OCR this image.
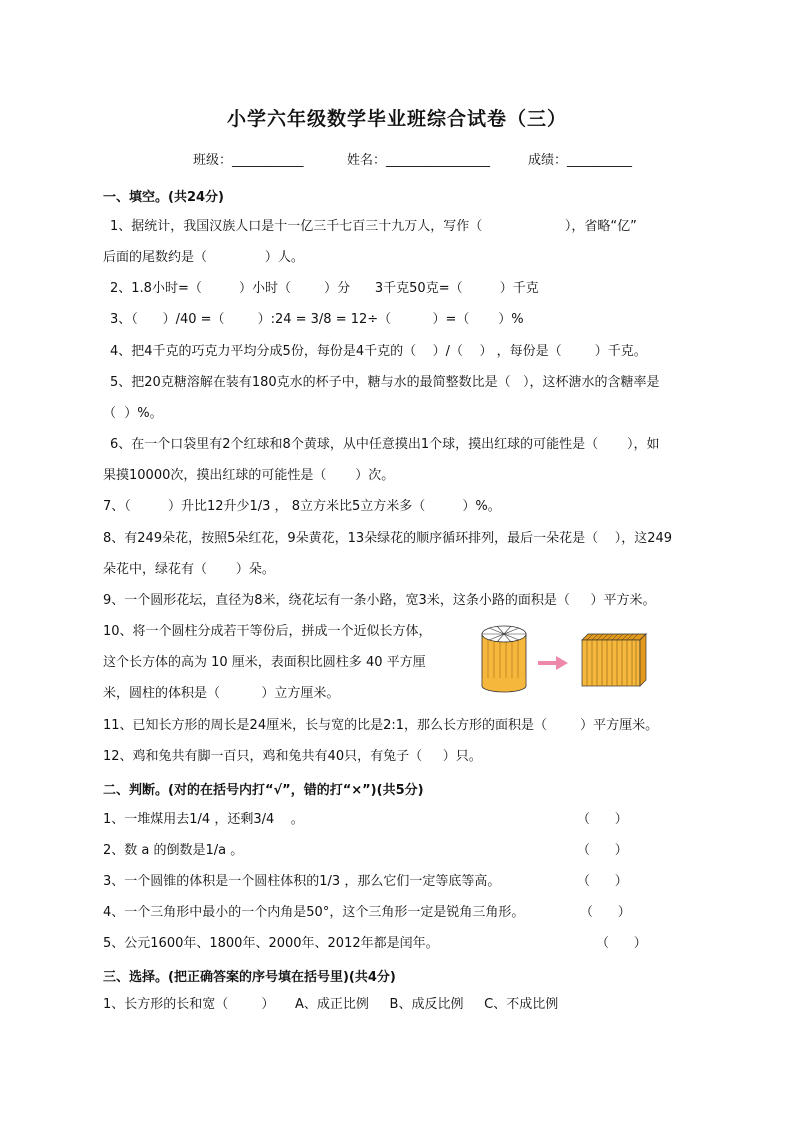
小学六年级数学毕业班综合试卷（三）
班级：___________	姓名：________________	成绩：__________
一、填空。(共24分)
1、据统计，我国汉族人口是十一亿三千七百三十九万人，写作（                    ），省略“亿”
后面的尾数约是（              ）人。
2、1.8小时=（         ）小时（        ）分      3千克50克=（         ）千克
3、（      ）/40 =（        ）:24 = 3/8 = 12÷（          ）=（       ）%
4、把4千克的巧克力平均分成5份，每份是4千克的（    ）/（    ） ，每份是（        ）千克。
5、把20克糖溶解在装有180克水的杯子中，糖与水的最简整数比是（   ），这杯溏水的含糖率是
（  ）%。
6、在一个口袋里有2个红球和8个黄球，从中任意摸出1个球，摸出红球的可能性是（       ），如
果摸10000次，摸出红球的可能性是（       ）次。
7、（         ）升比12升少1/3 ， 8立方米比5立方米多（         ）%。
8、有249朵花，按照5朵红花，9朵黄花，13朵绿花的顺序循环排列，最后一朵花是（    ），这249
朵花中，绿花有（       ）朵。
9、一个圆形花坛，直径为8米，绕花坛有一条小路，宽3米，这条小路的面积是（     ）平方米。
10、将一个圆柱分成若干等份后，拼成一个近似长方体，
这个长方体的高为 10 厘米，表面积比圆柱多 40 平方厘
米，圆柱的体积是（          ）立方厘米。
11、已知长方形的周长是24厘米，长与宽的比是2:1，那么长方形的面积是（        ）平方厘米。
12、鸡和兔共有脚一百只，鸡和兔共有40只，有兔子（     ）只。
二、判断。(对的在括号内打“√”，错的打“×”)(共5分)
1、一堆煤用去1/4 ，还剩3/4    。	（      ）
2、数 a 的倒数是1/a 。	（      ）
3、一个圆锥的体积是一个圆柱体积的1/3 ，那么它们一定等底等高。	（      ）
4、一个三角形中最小的一个内角是50°，这个三角形一定是锐角三角形。	（      ）
5、公元1600年、1800年、2000年、2012年都是闰年。	（      ）
三、选择。(把正确答案的序号填在括号里)(共4分)
1、长方形的长和宽（        ）     A、成正比例     B、成反比例     C、不成比例
